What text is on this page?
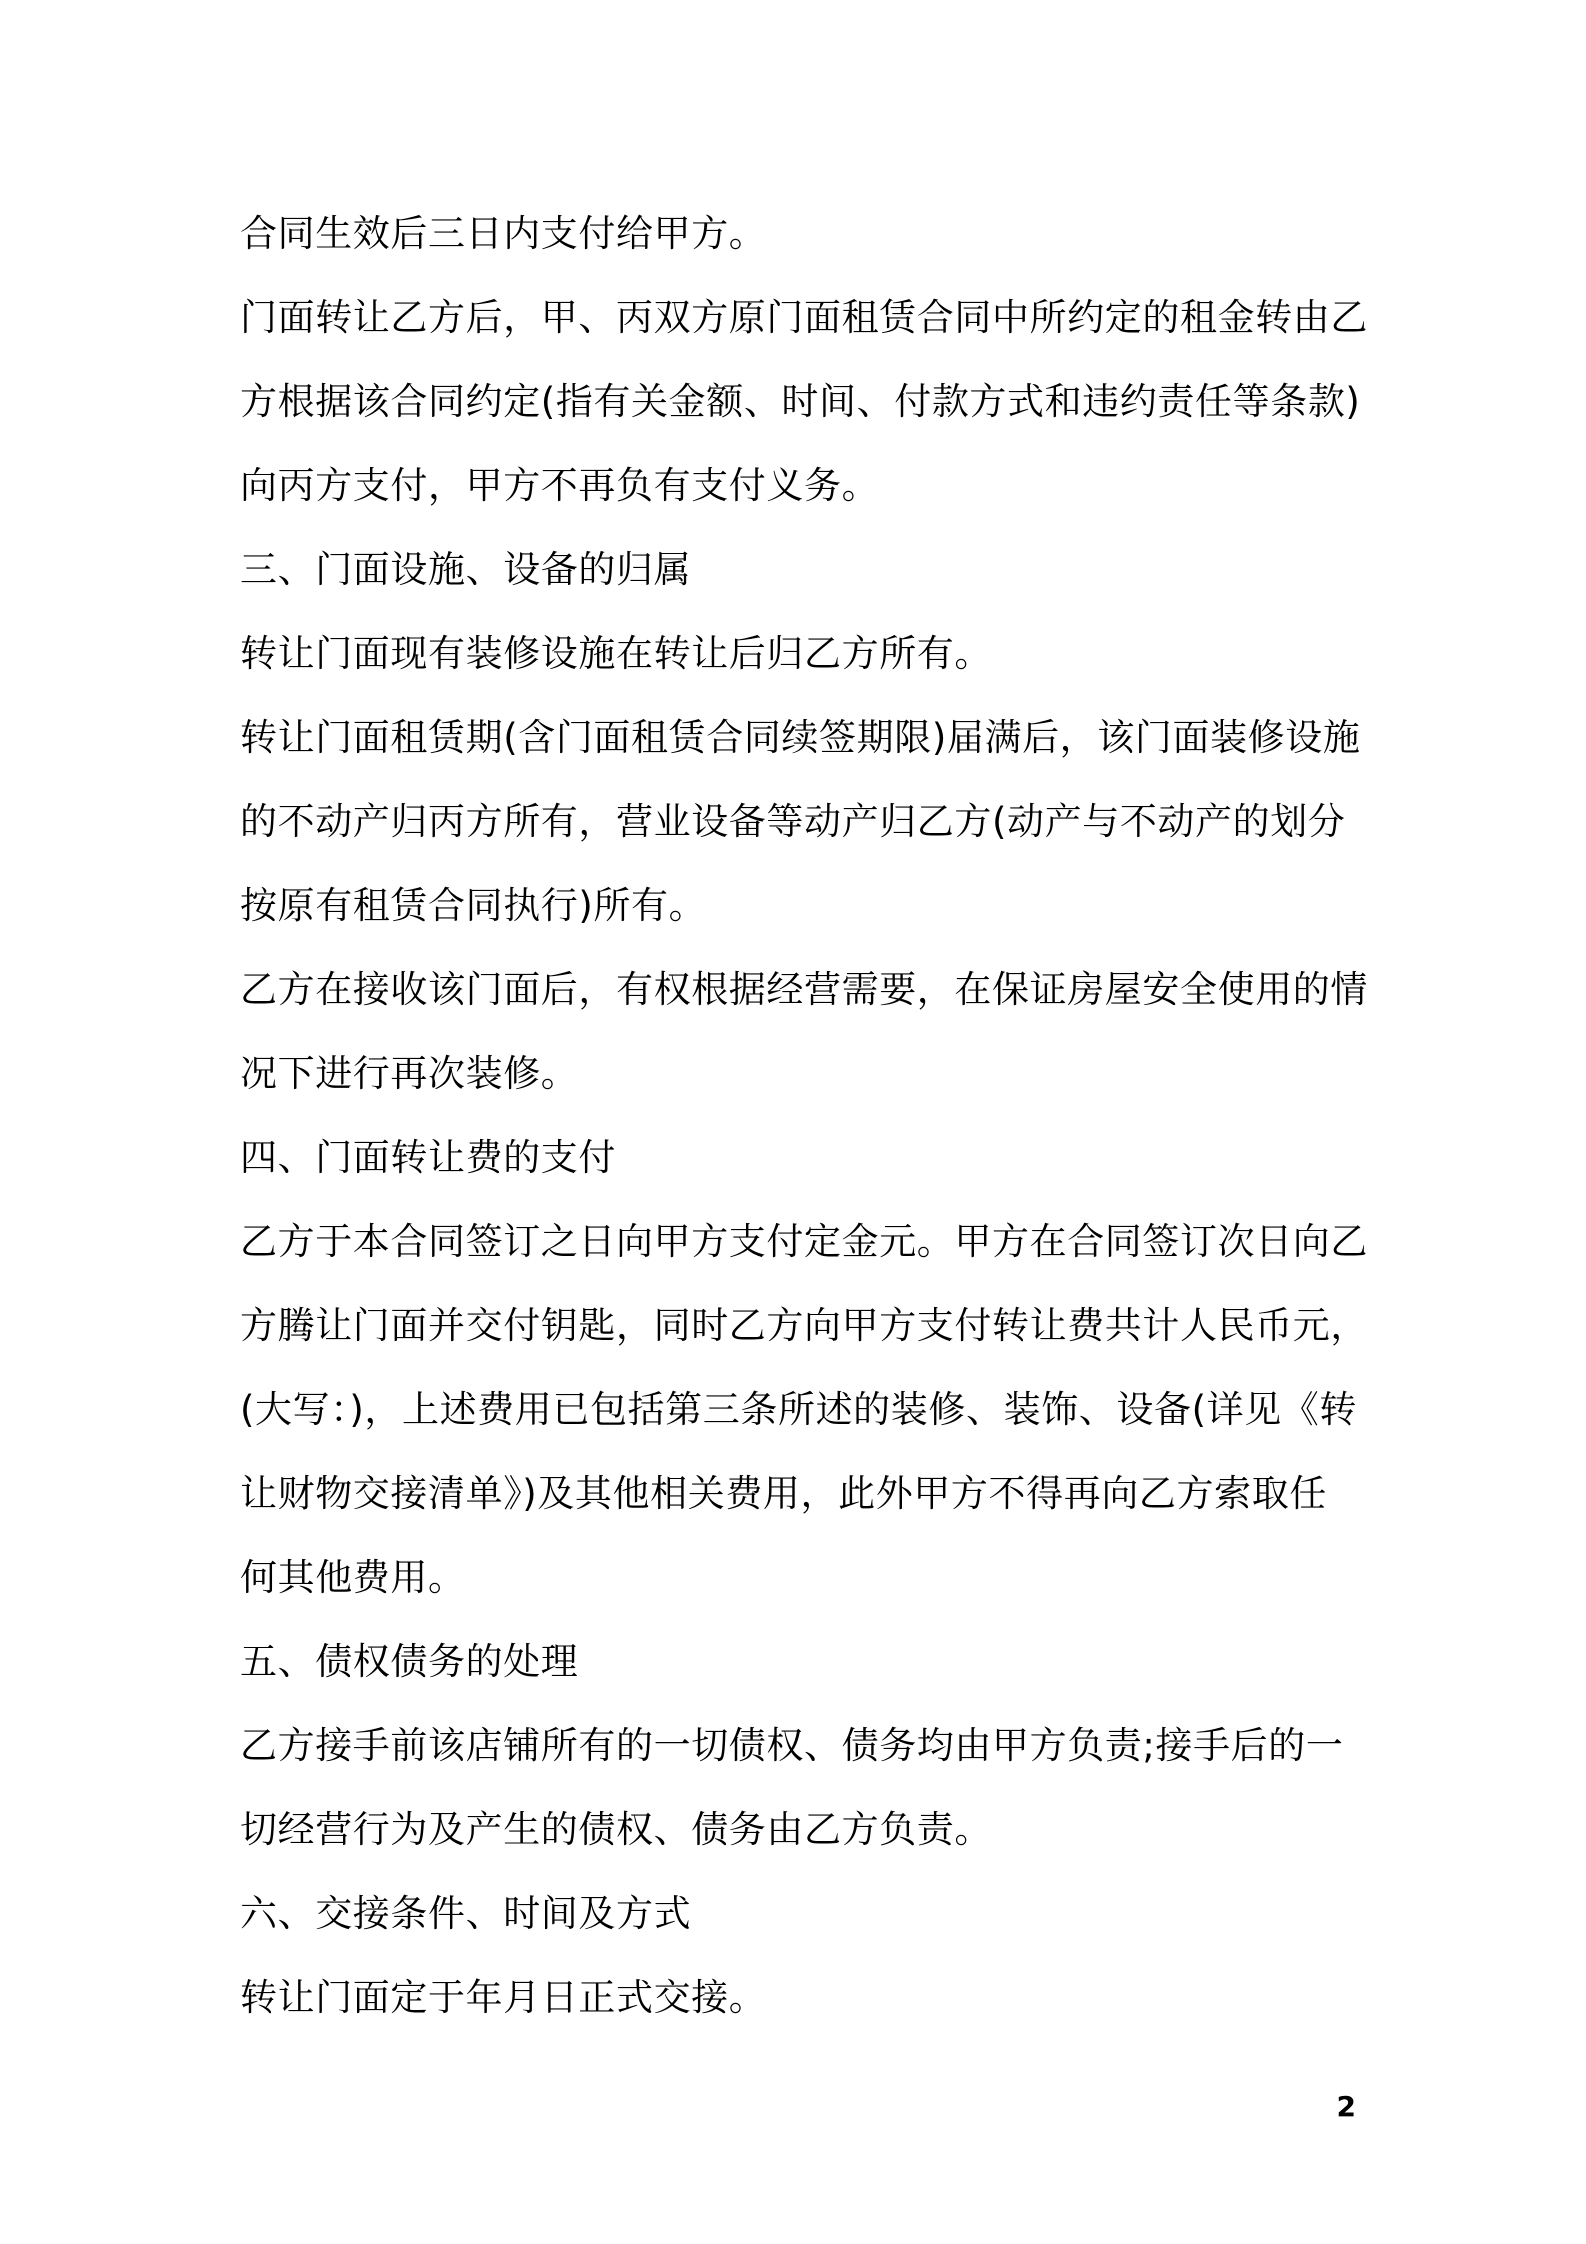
合同生效后三日内支付给甲方。
门面转让乙方后，甲、丙双方原门面租赁合同中所约定的租金转由乙
方根据该合同约定(指有关金额、时间、付款方式和违约责任等条款)
向丙方支付，甲方不再负有支付义务。
三、门面设施、设备的归属
转让门面现有装修设施在转让后归乙方所有。
转让门面租赁期(含门面租赁合同续签期限)届满后，该门面装修设施
的不动产归丙方所有，营业设备等动产归乙方(动产与不动产的划分
按原有租赁合同执行)所有。
乙方在接收该门面后，有权根据经营需要，在保证房屋安全使用的情
况下进行再次装修。
四、门面转让费的支付
乙方于本合同签订之日向甲方支付定金元。甲方在合同签订次日向乙
方腾让门面并交付钥匙，同时乙方向甲方支付转让费共计人民币元，
(大写：)，上述费用已包括第三条所述的装修、装饰、设备(详见《转
让财物交接清单》)及其他相关费用，此外甲方不得再向乙方索取任
何其他费用。
五、债权债务的处理
乙方接手前该店铺所有的一切债权、债务均由甲方负责;接手后的一
切经营行为及产生的债权、债务由乙方负责。
六、交接条件、时间及方式
转让门面定于年月日正式交接。
2
